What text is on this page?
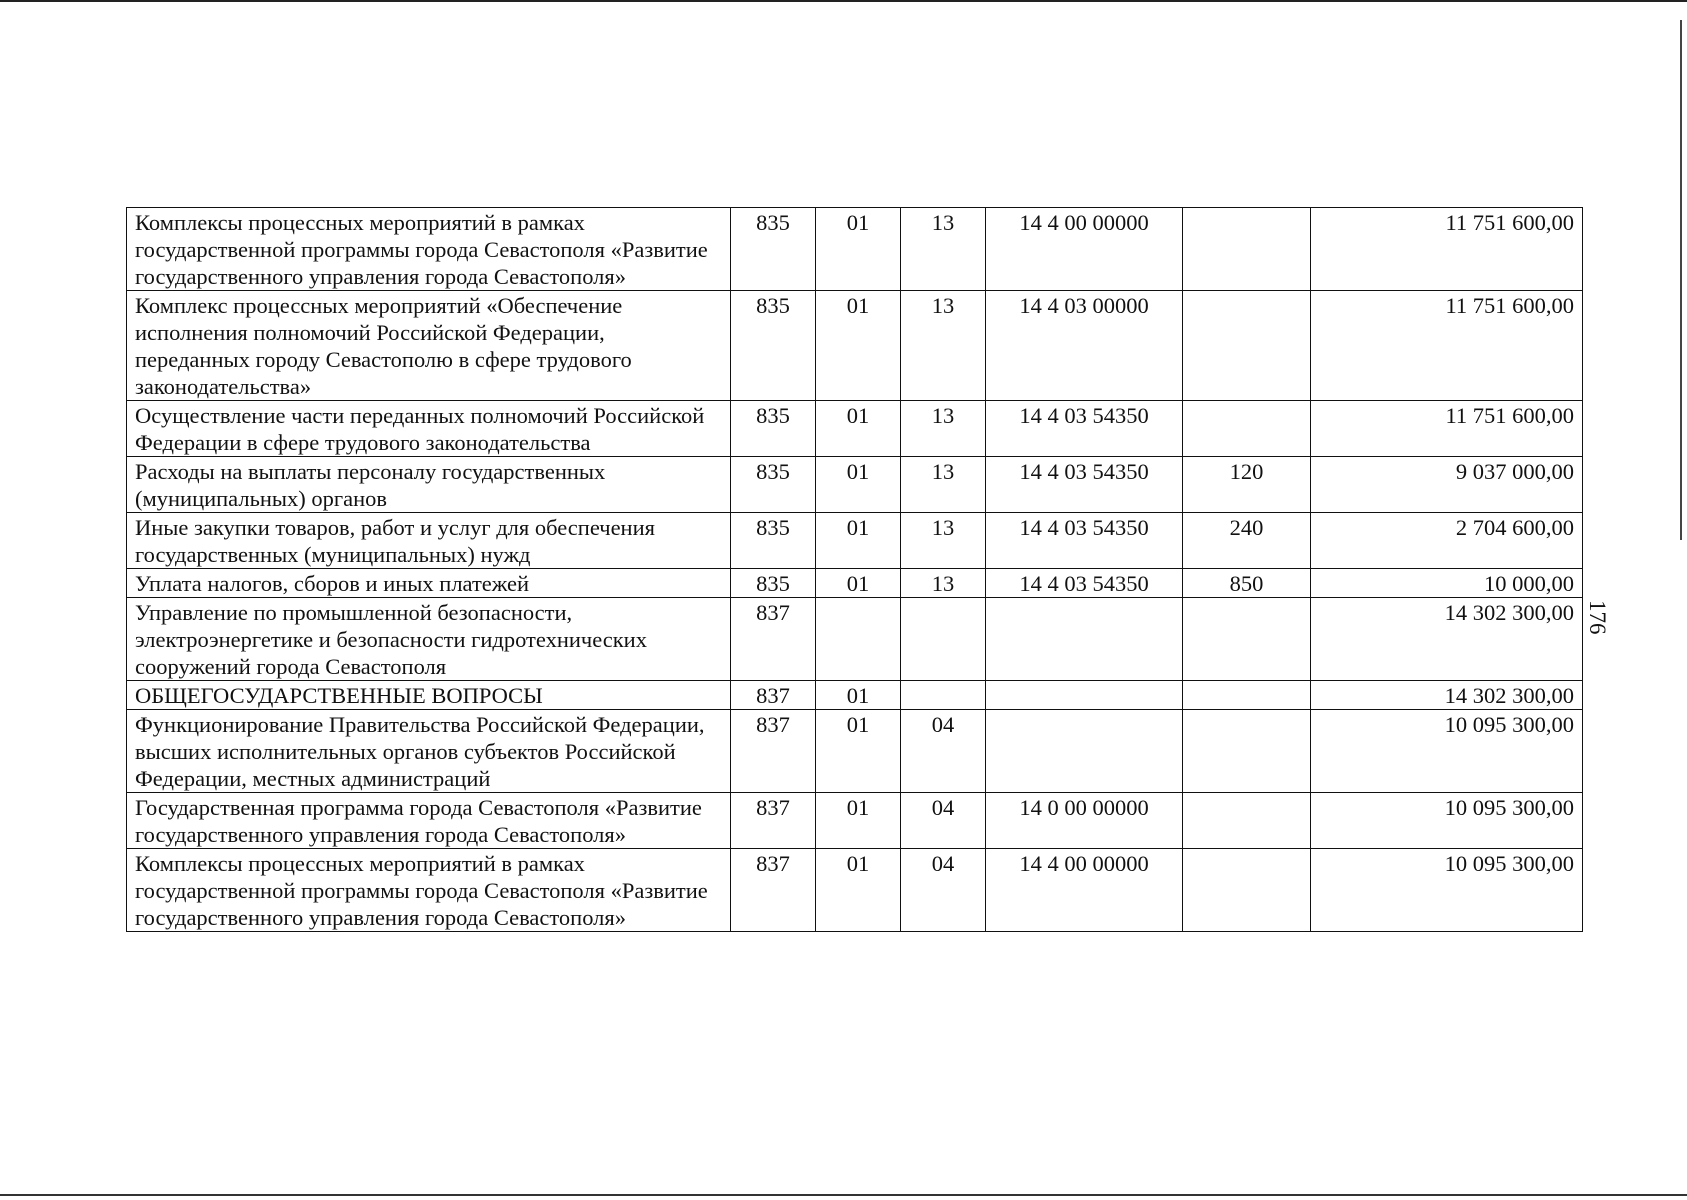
176
Комплексы процессных мероприятий в рамках государственной программы города Севастополя «Развитие государственного управления города Севастополя»	835	01	13	14 4 00 00000		11 751 600,00
Комплекс процессных мероприятий «Обеспечение исполнения полномочий Российской Федерации, переданных городу Севастополю в сфере трудового законодательства»	835	01	13	14 4 03 00000		11 751 600,00
Осуществление части переданных полномочий Российской Федерации в сфере трудового законодательства	835	01	13	14 4 03 54350		11 751 600,00
Расходы на выплаты персоналу государственных (муниципальных) органов	835	01	13	14 4 03 54350	120	9 037 000,00
Иные закупки товаров, работ и услуг для обеспечения государственных (муниципальных) нужд	835	01	13	14 4 03 54350	240	2 704 600,00
Уплата налогов, сборов и иных платежей	835	01	13	14 4 03 54350	850	10 000,00
Управление по промышленной безопасности, электроэнергетике и безопасности гидротехнических сооружений города Севастополя	837					14 302 300,00
ОБЩЕГОСУДАРСТВЕННЫЕ ВОПРОСЫ	837	01				14 302 300,00
Функционирование Правительства Российской Федерации, высших исполнительных органов субъектов Российской Федерации, местных администраций	837	01	04			10 095 300,00
Государственная программа города Севастополя «Развитие государственного управления города Севастополя»	837	01	04	14 0 00 00000		10 095 300,00
Комплексы процессных мероприятий в рамках государственной программы города Севастополя «Развитие государственного управления города Севастополя»	837	01	04	14 4 00 00000		10 095 300,00
